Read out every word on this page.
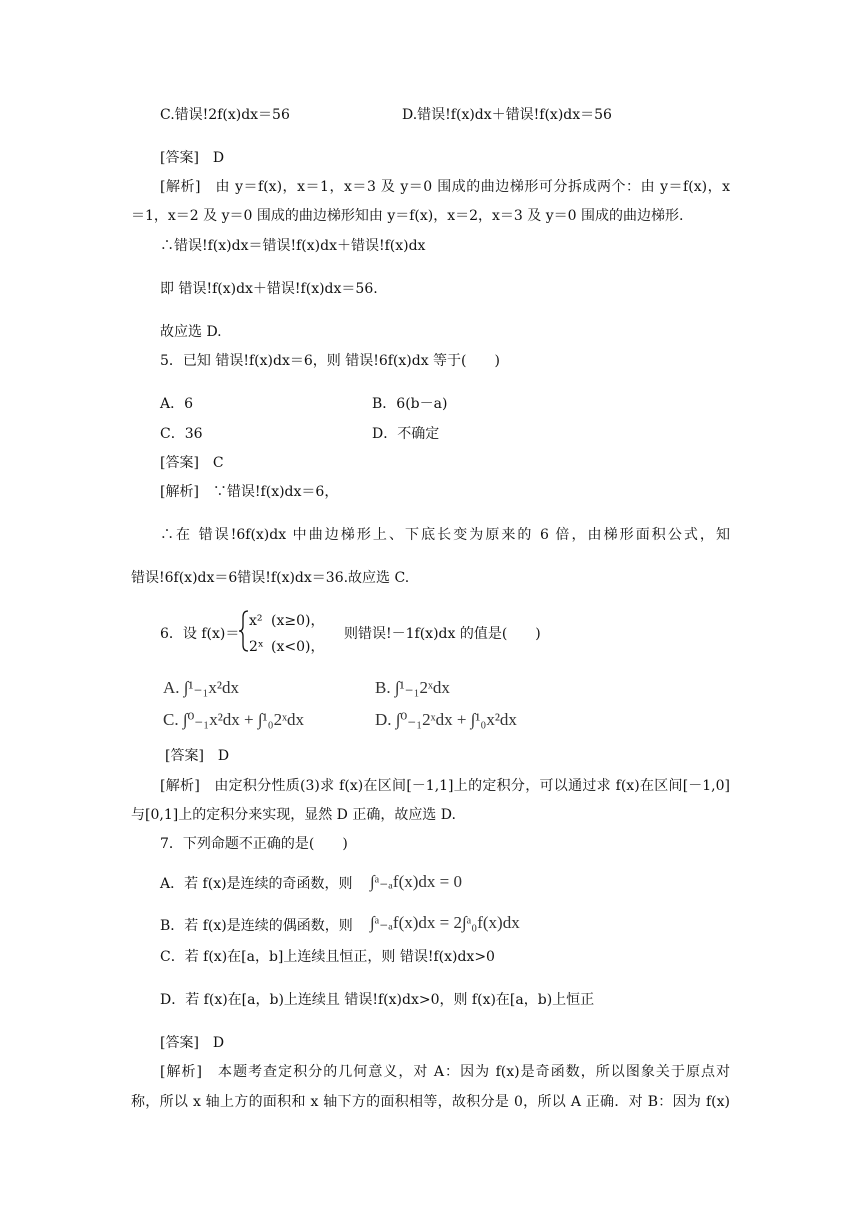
C.错误!2f(x)dx＝56	D.错误!f(x)dx＋错误!f(x)dx＝56
[答案]　D
[解析]　由 y＝f(x)，x＝1，x＝3 及 y＝0 围成的曲边梯形可分拆成两个：由 y＝f(x)，x
＝1，x＝2 及 y＝0 围成的曲边梯形知由 y＝f(x)，x＝2，x＝3 及 y＝0 围成的曲边梯形.
∴错误!f(x)dx＝错误!f(x)dx＋错误!f(x)dx
即 错误!f(x)dx＋错误!f(x)dx＝56.
故应选 D.
5．已知 错误!f(x)dx＝6，则 错误!6f(x)dx 等于(　　)
A．6	B．6(b－a)
C．36	D．不确定
[答案]　C
[解析]　∵错误!f(x)dx＝6，
∴在 错误!6f(x)dx 中曲边梯形上、下底长变为原来的 6 倍，由梯形面积公式，知
错误!6f(x)dx＝6错误!f(x)dx＝36.故应选 C.
6．设 f(x)＝
x² (x≥0)，
2ˣ (x<0)，
则错误!－1f(x)dx 的值是(　　)
A. ∫¹₋₁x²dx	B. ∫¹₋₁2ˣdx
C. ∫⁰₋₁x²dx + ∫¹₀2ˣdx	D. ∫⁰₋₁2ˣdx + ∫¹₀x²dx
[答案]　D
[解析]　由定积分性质(3)求 f(x)在区间[－1,1]上的定积分，可以通过求 f(x)在区间[－1,0]
与[0,1]上的定积分来实现，显然 D 正确，故应选 D.
7．下列命题不正确的是(　　)
A．若 f(x)是连续的奇函数，则 ∫ᵃ₋ₐf(x)dx = 0
B．若 f(x)是连续的偶函数，则 ∫ᵃ₋ₐf(x)dx = 2∫ᵃ₀f(x)dx
C．若 f(x)在[a，b]上连续且恒正，则 错误!f(x)dx>0
D．若 f(x)在[a，b)上连续且 错误!f(x)dx>0，则 f(x)在[a，b)上恒正
[答案]　D
[解析]　本题考查定积分的几何意义，对 A：因为 f(x)是奇函数，所以图象关于原点对
称，所以 x 轴上方的面积和 x 轴下方的面积相等，故积分是 0，所以 A 正确．对 B：因为 f(x)
